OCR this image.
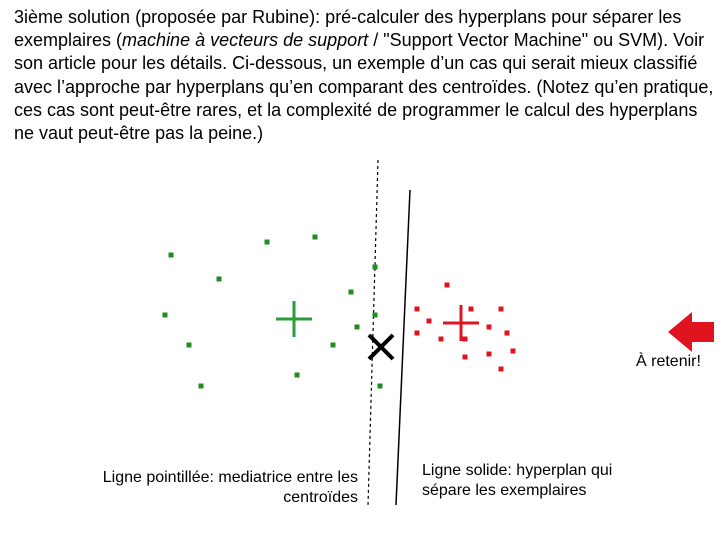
3ième solution (proposée par Rubine): pré-calculer des hyperplans pour séparer les exemplaires (machine à vecteurs de support / "Support Vector Machine" ou SVM). Voir son article pour les détails. Ci-dessous, un exemple d’un cas qui serait mieux classifié avec l’approche par hyperplans qu’en comparant des centroïdes. (Notez qu’en pratique, ces cas sont peut-être rares, et la complexité de programmer le calcul des hyperplans ne vaut peut-être pas la peine.)
Ligne pointillée: mediatrice entre les centroïdes
Ligne solide: hyperplan qui sépare les exemplaires
À retenir!
